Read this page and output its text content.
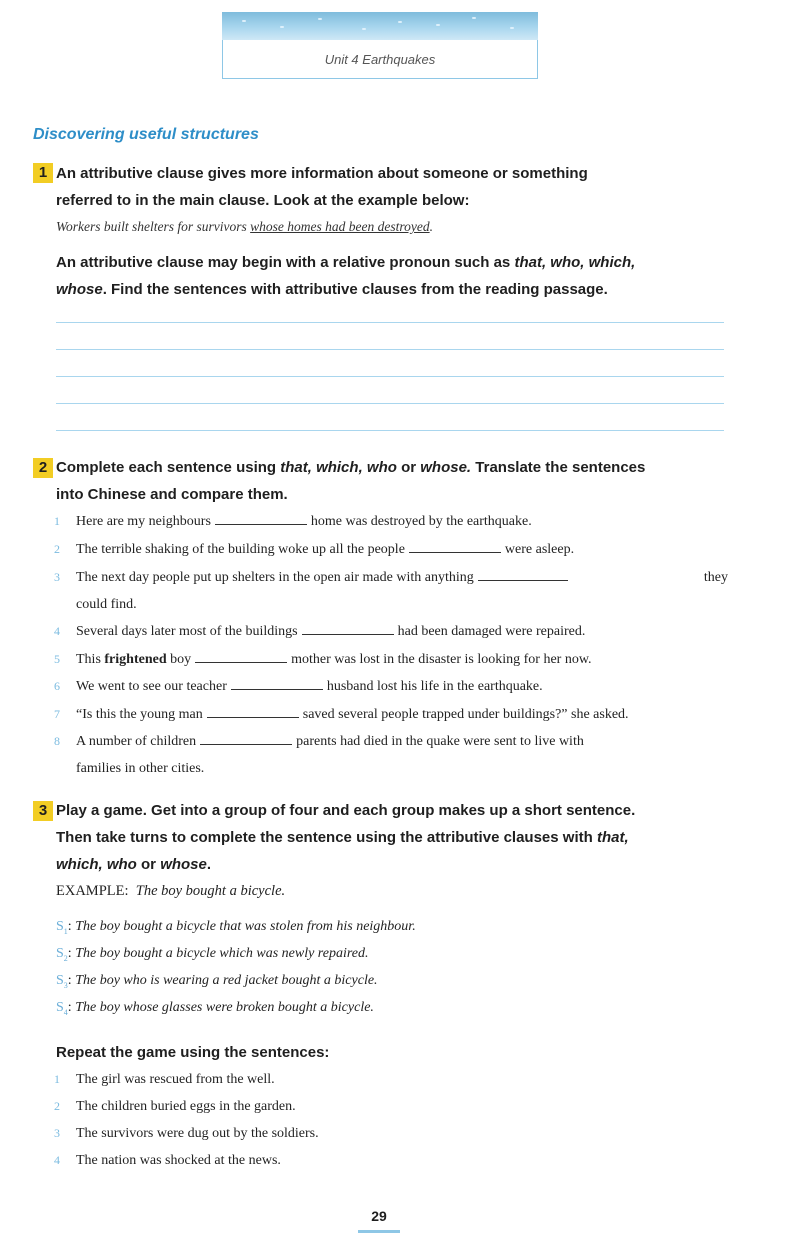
Unit 4 Earthquakes
Discovering useful structures
1 An attributive clause gives more information about someone or something
referred to in the main clause. Look at the example below:
Workers built shelters for survivors whose homes had been destroyed.
An attributive clause may begin with a relative pronoun such as that, who, which,
whose. Find the sentences with attributive clauses from the reading passage.
2 Complete each sentence using that, which, who or whose. Translate the sentences
into Chinese and compare them.
1 Here are my neighbours	home was destroyed by the earthquake.
2 The terrible shaking of the building woke up all the people	were asleep.
3 The next day people put up shelters in the open air made with anything	they
could find.
4 Several days later most of the buildings	had been damaged were repaired.
5 This frightened boy	mother was lost in the disaster is looking for her now.
6 We went to see our teacher	husband lost his life in the earthquake.
7 “Is this the young man	saved several people trapped under buildings?” she asked.
8 A number of children	parents had died in the quake were sent to live with
families in other cities.
3 Play a game. Get into a group of four and each group makes up a short sentence.
Then take turns to complete the sentence using the attributive clauses with that,
which, who or whose.
EXAMPLE: The boy bought a bicycle.
$S_1$: The boy bought a bicycle that was stolen from his neighbour.
$S_2$: The boy bought a bicycle which was newly repaired.
$S_3$: The boy who is wearing a red jacket bought a bicycle.
$S_4$: The boy whose glasses were broken bought a bicycle.
Repeat the game using the sentences:
1 The girl was rescued from the well.
2 The children buried eggs in the garden.
3 The survivors were dug out by the soldiers.
4 The nation was shocked at the news.
29
